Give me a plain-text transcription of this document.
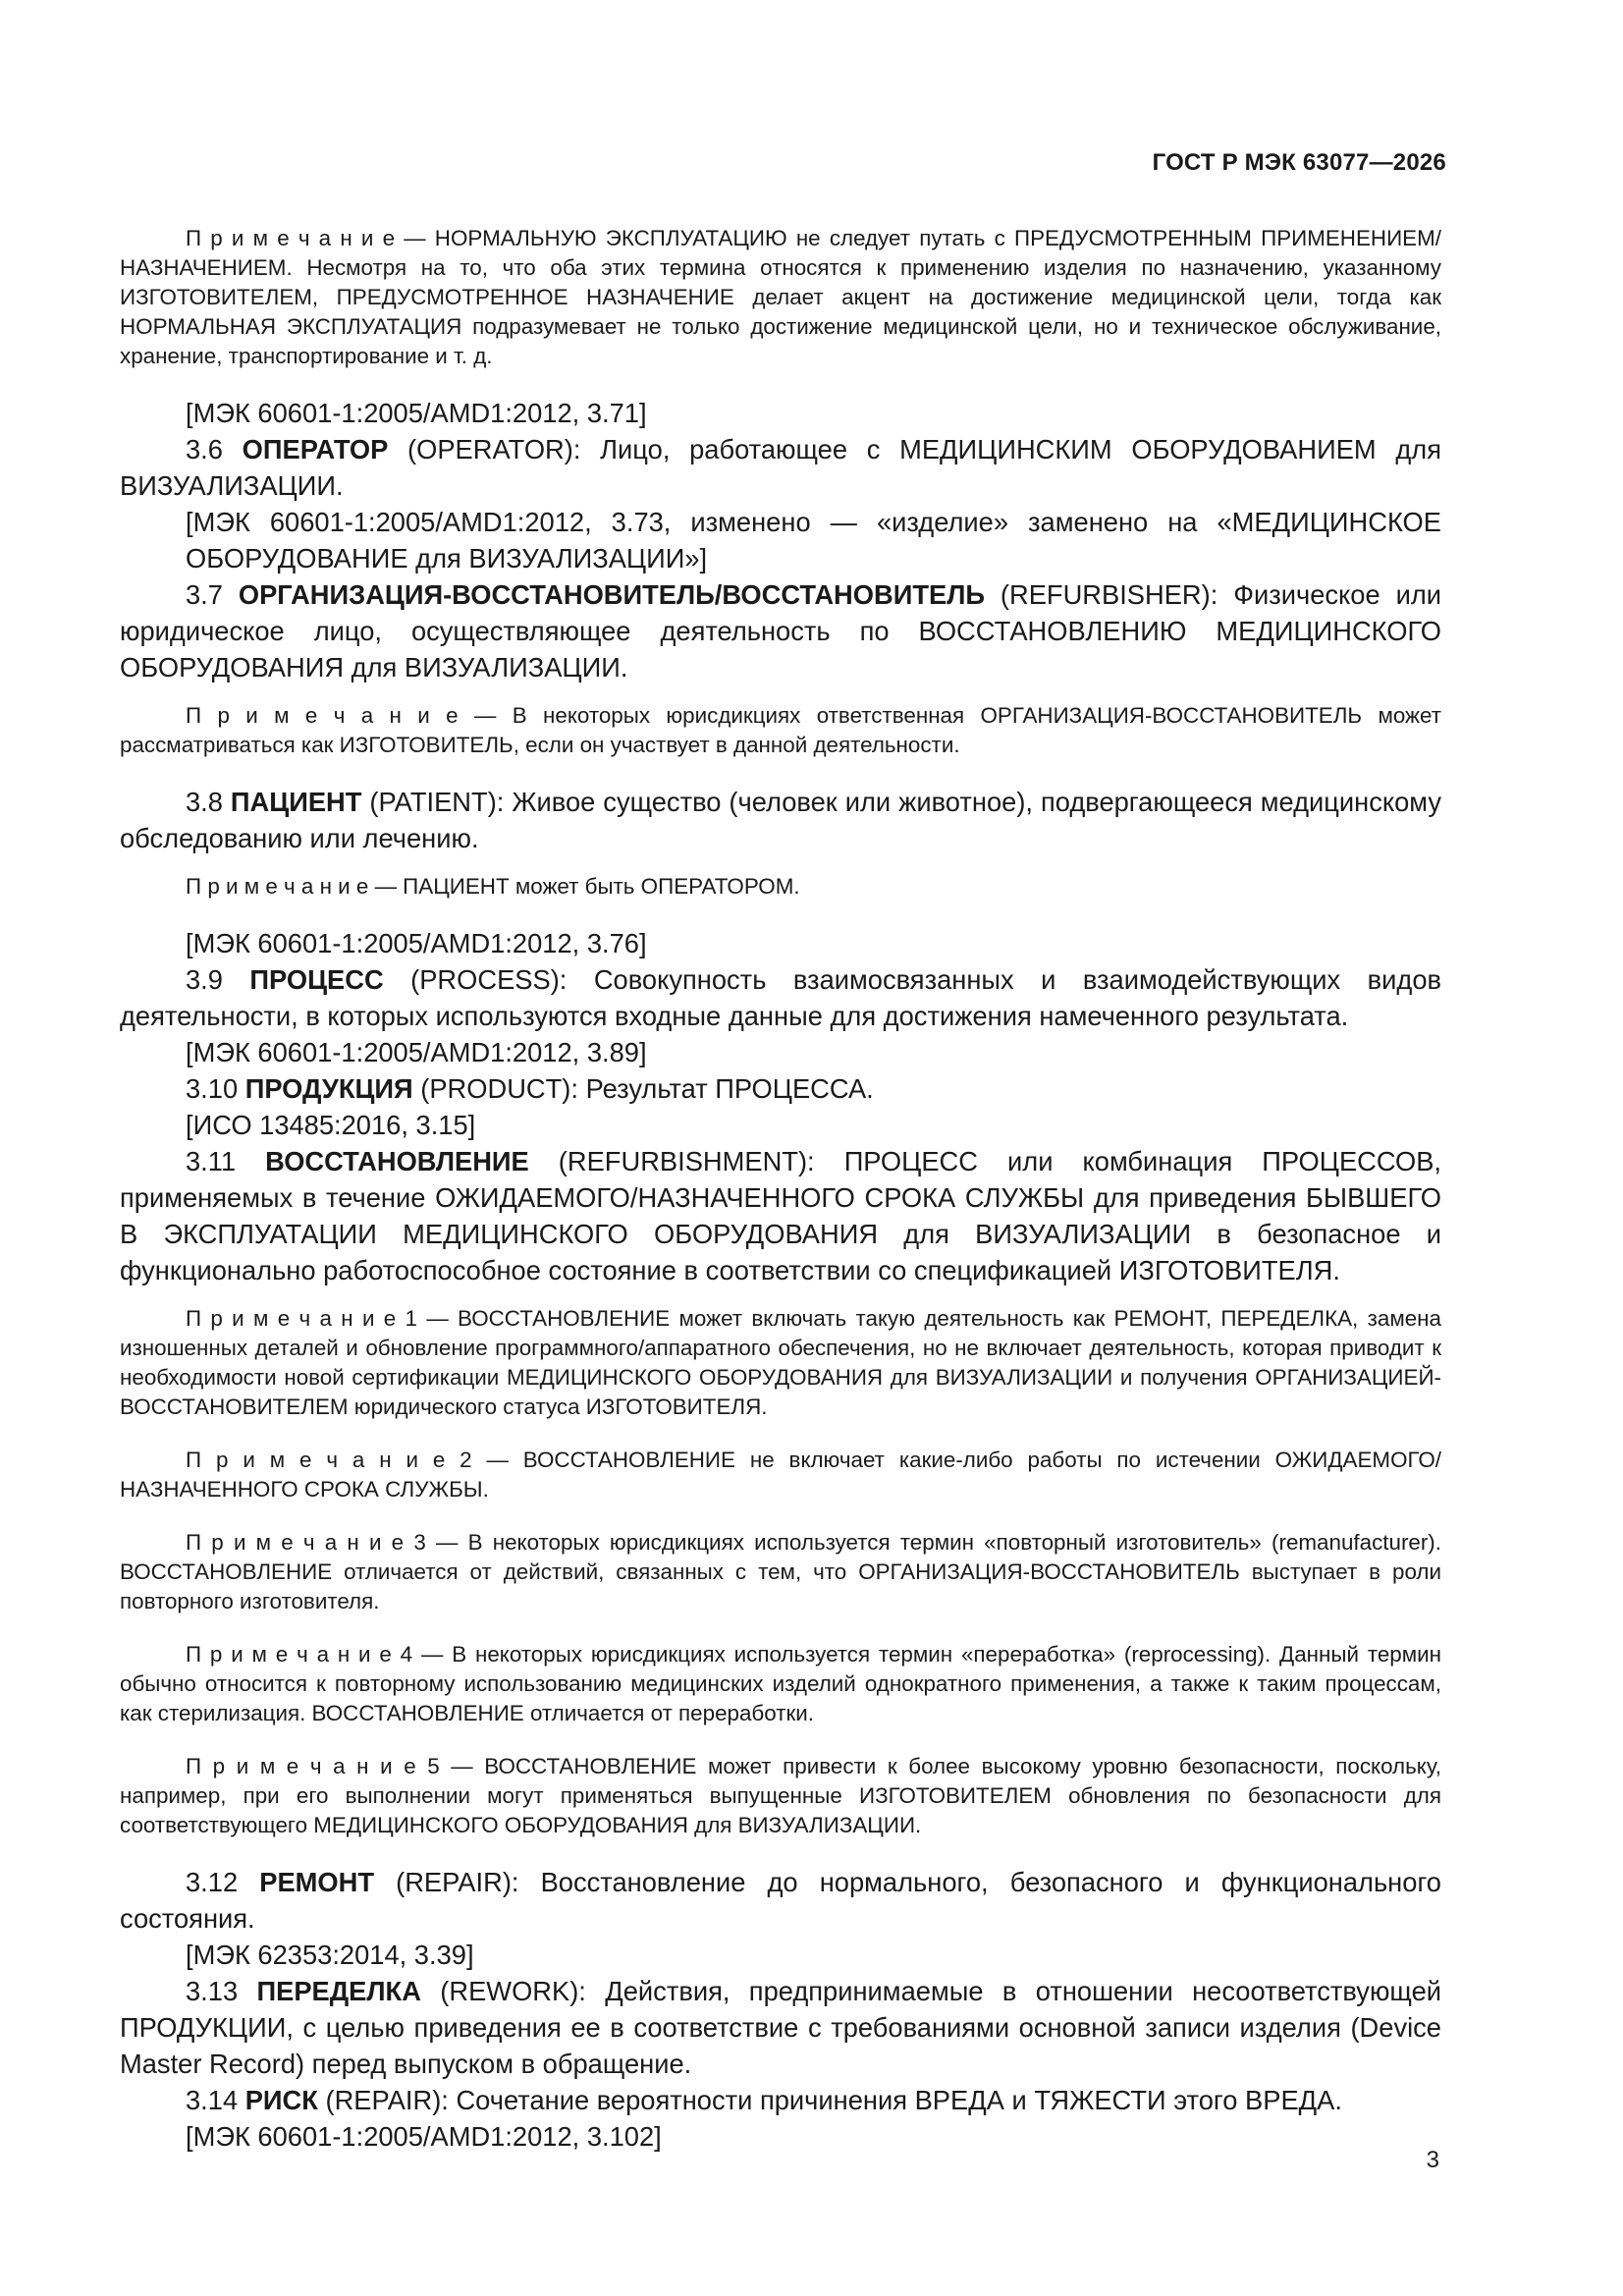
ГОСТ Р МЭК 63077—2026

П р и м е ч а н и е — НОРМАЛЬНУЮ ЭКСПЛУАТАЦИЮ не следует путать с ПРЕДУСМОТРЕННЫМ ПРИМЕНЕНИЕМ/НАЗНАЧЕНИЕМ. Несмотря на то, что оба этих термина относятся к применению изделия по назначению, указанному ИЗГОТОВИТЕЛЕМ, ПРЕДУСМОТРЕННОЕ НАЗНАЧЕНИЕ делает акцент на достижение медицинской цели, тогда как НОРМАЛЬНАЯ ЭКСПЛУАТАЦИЯ подразумевает не только достижение медицинской цели, но и техническое обслуживание, хранение, транспортирование и т. д.

[МЭК 60601-1:2005/AMD1:2012, 3.71]

3.6 ОПЕРАТОР (OPERATOR): Лицо, работающее с МЕДИЦИНСКИМ ОБОРУДОВАНИЕМ для ВИЗУАЛИЗАЦИИ.

[МЭК 60601-1:2005/AMD1:2012, 3.73, изменено — «изделие» заменено на «МЕДИЦИНСКОЕ ОБОРУДОВАНИЕ для ВИЗУАЛИЗАЦИИ»]

3.7 ОРГАНИЗАЦИЯ-ВОССТАНОВИТЕЛЬ/ВОССТАНОВИТЕЛЬ (REFURBISHER): Физическое или юридическое лицо, осуществляющее деятельность по ВОССТАНОВЛЕНИЮ МЕДИЦИНСКОГО ОБОРУДОВАНИЯ для ВИЗУАЛИЗАЦИИ.

П р и м е ч а н и е — В некоторых юрисдикциях ответственная ОРГАНИЗАЦИЯ-ВОССТАНОВИТЕЛЬ может рассматриваться как ИЗГОТОВИТЕЛЬ, если он участвует в данной деятельности.

3.8 ПАЦИЕНТ (PATIENT): Живое существо (человек или животное), подвергающееся медицинскому обследованию или лечению.

П р и м е ч а н и е — ПАЦИЕНТ может быть ОПЕРАТОРОМ.

[МЭК 60601-1:2005/AMD1:2012, 3.76]

3.9 ПРОЦЕСС (PROCESS): Совокупность взаимосвязанных и взаимодействующих видов деятельности, в которых используются входные данные для достижения намеченного результата.

[МЭК 60601-1:2005/AMD1:2012, 3.89]

3.10 ПРОДУКЦИЯ (PRODUCT): Результат ПРОЦЕССА.

[ИСО 13485:2016, 3.15]

3.11 ВОССТАНОВЛЕНИЕ (REFURBISHMENT): ПРОЦЕСС или комбинация ПРОЦЕССОВ, применяемых в течение ОЖИДАЕМОГО/НАЗНАЧЕННОГО СРОКА СЛУЖБЫ для приведения БЫВШЕГО В ЭКСПЛУАТАЦИИ МЕДИЦИНСКОГО ОБОРУДОВАНИЯ для ВИЗУАЛИЗАЦИИ в безопасное и функционально работоспособное состояние в соответствии со спецификацией ИЗГОТОВИТЕЛЯ.

П р и м е ч а н и е 1 — ВОССТАНОВЛЕНИЕ может включать такую деятельность как РЕМОНТ, ПЕРЕДЕЛКА, замена изношенных деталей и обновление программного/аппаратного обеспечения, но не включает деятельность, которая приводит к необходимости новой сертификации МЕДИЦИНСКОГО ОБОРУДОВАНИЯ для ВИЗУАЛИЗАЦИИ и получения ОРГАНИЗАЦИЕЙ-ВОССТАНОВИТЕЛЕМ юридического статуса ИЗГОТОВИТЕЛЯ.

П р и м е ч а н и е 2 — ВОССТАНОВЛЕНИЕ не включает какие-либо работы по истечении ОЖИДАЕМОГО/НАЗНАЧЕННОГО СРОКА СЛУЖБЫ.

П р и м е ч а н и е 3 — В некоторых юрисдикциях используется термин «повторный изготовитель» (remanufacturer). ВОССТАНОВЛЕНИЕ отличается от действий, связанных с тем, что ОРГАНИЗАЦИЯ-ВОССТАНОВИТЕЛЬ выступает в роли повторного изготовителя.

П р и м е ч а н и е 4 — В некоторых юрисдикциях используется термин «переработка» (reprocessing). Данный термин обычно относится к повторному использованию медицинских изделий однократного применения, а также к таким процессам, как стерилизация. ВОССТАНОВЛЕНИЕ отличается от переработки.

П р и м е ч а н и е 5 — ВОССТАНОВЛЕНИЕ может привести к более высокому уровню безопасности, поскольку, например, при его выполнении могут применяться выпущенные ИЗГОТОВИТЕЛЕМ обновления по безопасности для соответствующего МЕДИЦИНСКОГО ОБОРУДОВАНИЯ для ВИЗУАЛИЗАЦИИ.

3.12 РЕМОНТ (REPAIR): Восстановление до нормального, безопасного и функционального состояния.

[МЭК 62353:2014, 3.39]

3.13 ПЕРЕДЕЛКА (REWORK): Действия, предпринимаемые в отношении несоответствующей ПРОДУКЦИИ, с целью приведения ее в соответствие с требованиями основной записи изделия (Device Master Record) перед выпуском в обращение.

3.14 РИСК (REPAIR): Сочетание вероятности причинения ВРЕДА и ТЯЖЕСТИ этого ВРЕДА.

[МЭК 60601-1:2005/AMD1:2012, 3.102]

3
